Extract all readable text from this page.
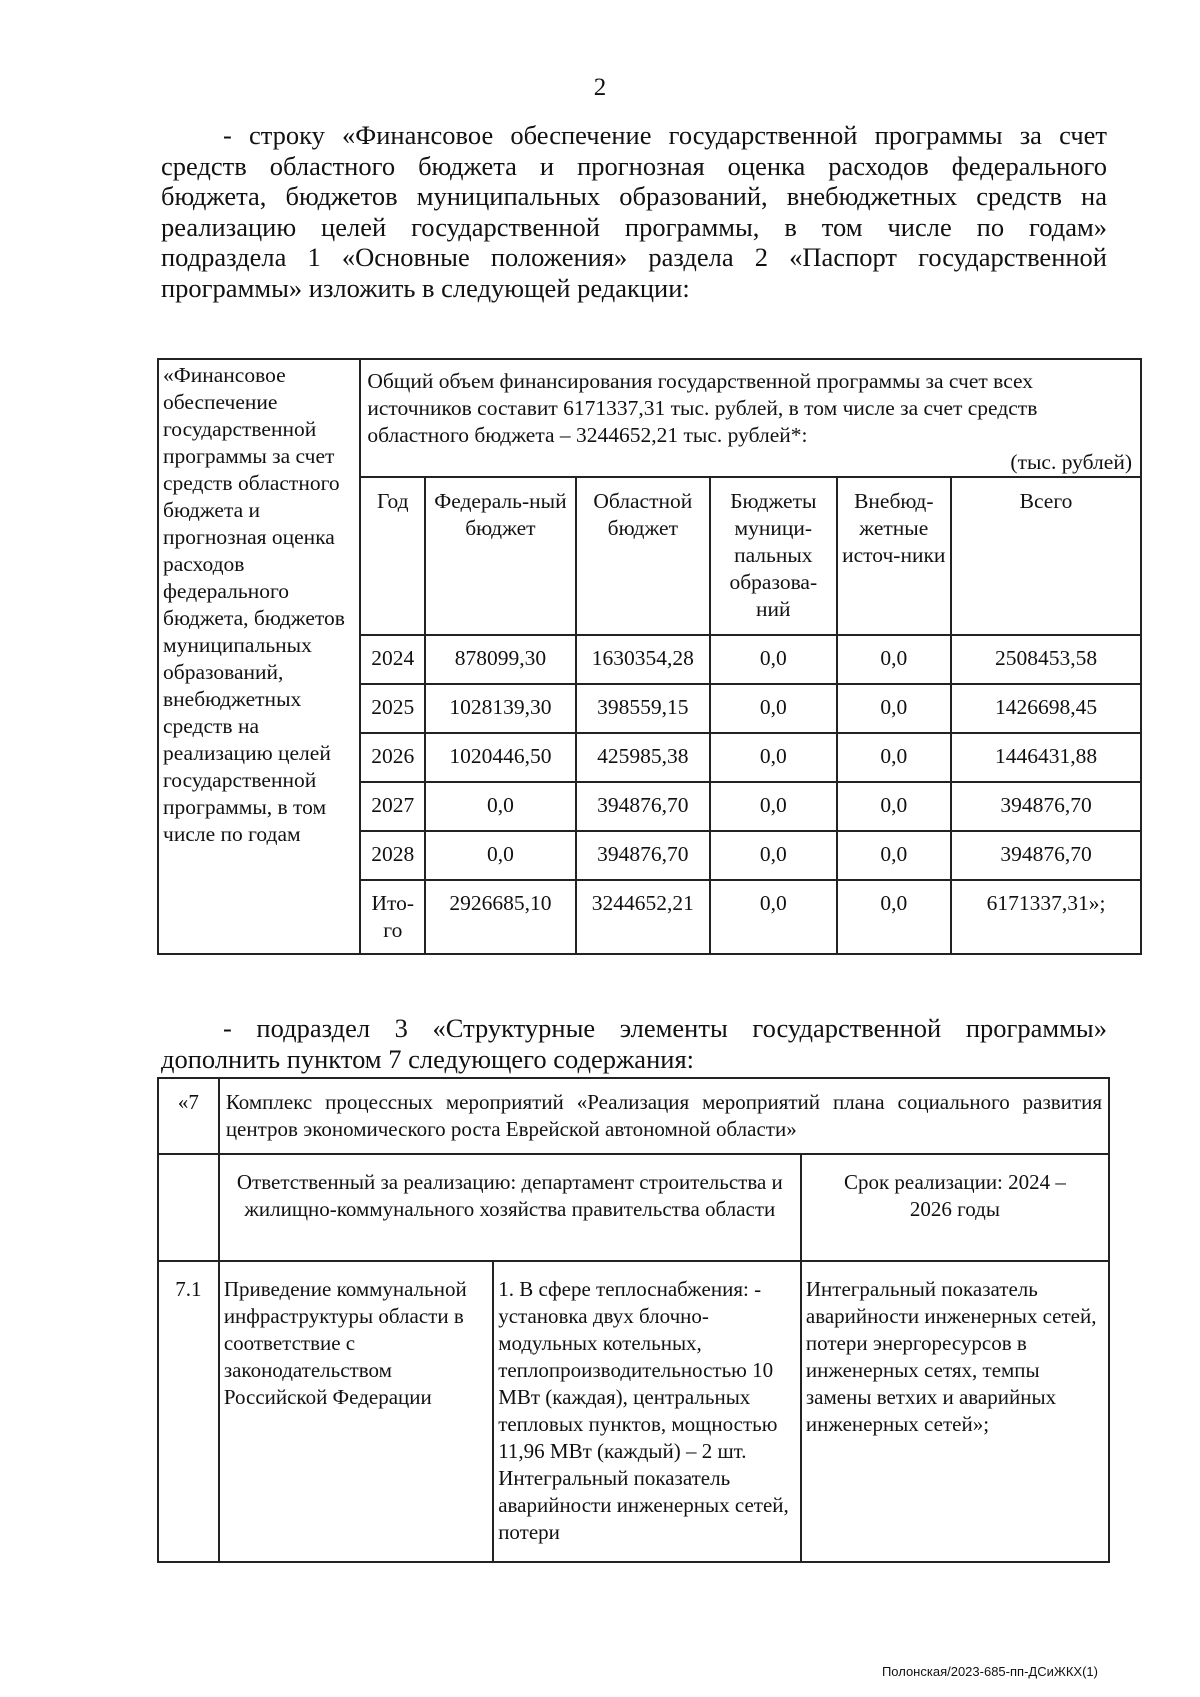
2
- строку «Финансовое обеспечение государственной программы за счет
средств областного бюджета и прогнозная оценка расходов федерального
бюджета, бюджетов муниципальных образований, внебюджетных средств на
реализацию целей государственной программы, в том числе по годам»
подраздела 1 «Основные положения» раздела 2 «Паспорт государственной
программы» изложить в следующей редакции:
«Финансовое обеспечение государственной программы за счет средств областного бюджета и прогнозная оценка расходов федерального бюджета, бюджетов муниципальных образований, внебюджетных средств на реализацию целей государственной программы, в том числе по годам	Общий объем финансирования государственной программы за счет всех источников составит 6171337,31 тыс. рублей, в том числе за счет средств областного бюджета – 3244652,21 тыс. рублей*:
(тыс. рублей)					

	Год	Федераль-ный бюджет	Областной бюджет	Бюджеты муници-пальных образова-ний	Внебюд-жетные источ-ники	Всего
	2024	878099,30	1630354,28	0,0	0,0	2508453,58
	2025	1028139,30	398559,15	0,0	0,0	1426698,45
	2026	1020446,50	425985,38	0,0	0,0	1446431,88
	2027	0,0	394876,70	0,0	0,0	394876,70
	2028	0,0	394876,70	0,0	0,0	394876,70
	Ито-го	2926685,10	3244652,21	0,0	0,0	6171337,31»;
- подраздел 3 «Структурные элементы государственной программы»
дополнить пунктом 7 следующего содержания:
«7	Комплекс процессных мероприятий «Реализация мероприятий плана социального развития центров экономического роста Еврейской автономной области»		
	Ответственный за реализацию: департамент строительства и жилищно-коммунального хозяйства правительства области		Срок реализации: 2024 – 2026 годы
7.1	Приведение коммунальной инфраструктуры области в соответствие с законодательством Российской Федерации	1. В сфере теплоснабжения: - установка двух блочно-модульных котельных, теплопроизводительностью 10 МВт (каждая), центральных тепловых пунктов, мощностью 11,96 МВт (каждый) – 2 шт. Интегральный показатель аварийности инженерных сетей, потери	Интегральный показатель аварийности инженерных сетей, потери энергоресурсов в инженерных сетях, темпы замены ветхих и аварийных инженерных сетей»;
Полонская/2023-685-пп-ДСиЖКХ(1)
